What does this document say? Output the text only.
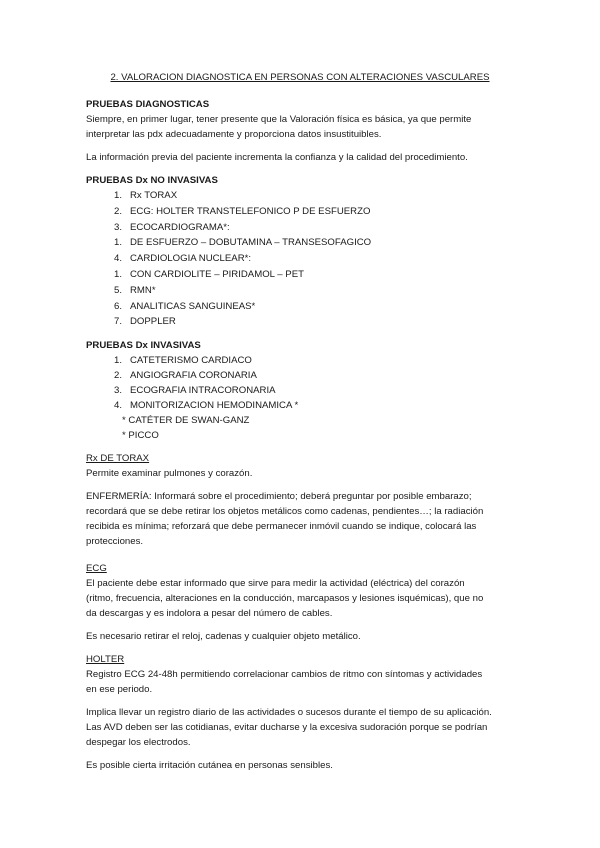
2. VALORACION DIAGNOSTICA EN PERSONAS CON ALTERACIONES VASCULARES
PRUEBAS DIAGNOSTICAS
Siempre, en primer lugar, tener presente que la Valoración física es básica, ya que permite
interpretar las pdx adecuadamente y proporciona datos insustituibles.
La información previa del paciente incrementa la confianza y la calidad del procedimiento.
PRUEBAS Dx NO INVASIVAS
1. Rx TORAX
2. ECG: HOLTER TRANSTELEFONICO P DE ESFUERZO
3. ECOCARDIOGRAMA*:
1. DE ESFUERZO – DOBUTAMINA – TRANSESOFAGICO
4. CARDIOLOGIA NUCLEAR*:
1. CON CARDIOLITE – PIRIDAMOL – PET
5. RMN*
6. ANALITICAS SANGUINEAS*
7. DOPPLER
PRUEBAS Dx INVASIVAS
1. CATETERISMO CARDIACO
2. ANGIOGRAFIA CORONARIA
3. ECOGRAFIA INTRACORONARIA
4. MONITORIZACION HEMODINAMICA *
* CATÉTER DE SWAN-GANZ
* PICCO
Rx DE TORAX
Permite examinar pulmones y corazón.
ENFERMERÍA: Informará sobre el procedimiento; deberá preguntar por posible embarazo;
recordará que se debe retirar los objetos metálicos como cadenas, pendientes…; la radiación
recibida es mínima; reforzará que debe permanecer inmóvil cuando se indique, colocará las
protecciones.
ECG
El paciente debe estar informado que sirve para medir la actividad (eléctrica) del corazón
(ritmo, frecuencia, alteraciones en la conducción, marcapasos y lesiones isquémicas), que no
da descargas y es indolora a pesar del número de cables.
Es necesario retirar el reloj, cadenas y cualquier objeto metálico.
HOLTER
Registro ECG 24-48h permitiendo correlacionar cambios de ritmo con síntomas y actividades
en ese periodo.
Implica llevar un registro diario de las actividades o sucesos durante el tiempo de su aplicación.
Las AVD deben ser las cotidianas, evitar ducharse y la excesiva sudoración porque se podrían
despegar los electrodos.
Es posible cierta irritación cutánea en personas sensibles.
